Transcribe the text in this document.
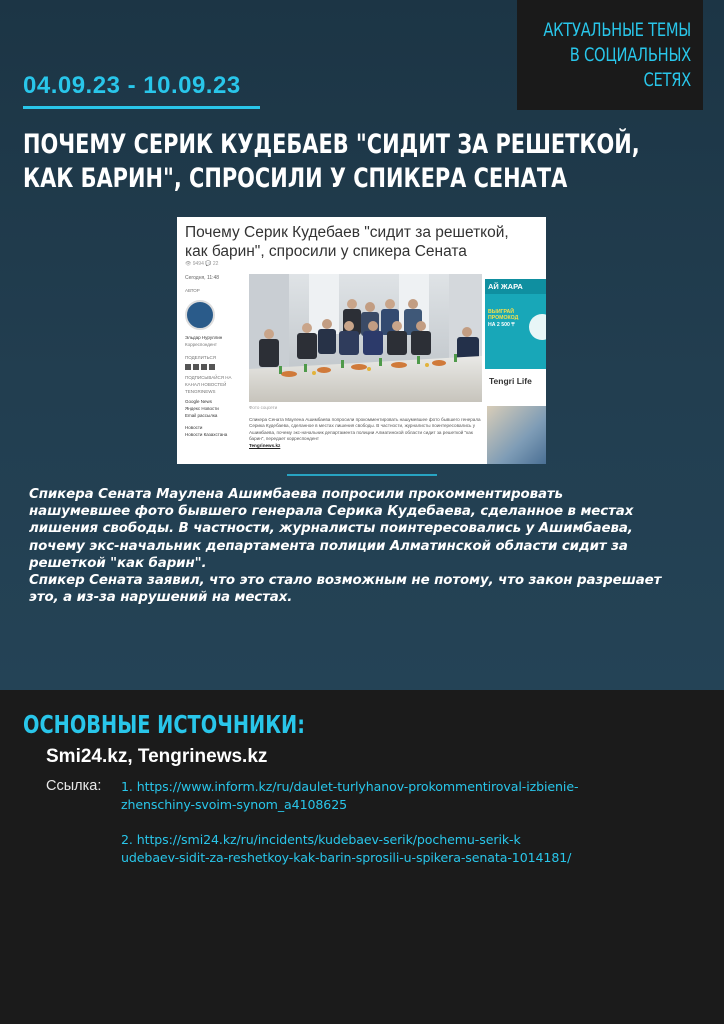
АКТУАЛЬНЫЕ ТЕМЫ
В СОЦИАЛЬНЫХ
СЕТЯХ
04.09.23 - 10.09.23
ПОЧЕМУ СЕРИК КУДЕБАЕВ "СИДИТ ЗА РЕШЕТКОЙ,
КАК БАРИН", СПРОСИЛИ У СПИКЕРА СЕНАТА
Почему Серик Кудебаев "сидит за решеткой, как барин", спросили у спикера Сената
👁 9494 💬 22
Сегодня, 11:48
АВТОР
Эльдар Нуруллин
Корреспондент
ПОДЕЛИТЬСЯ
ПОДПИСЫВАЙСЯ НА КАНАЛ НОВОСТЕЙ TENGRINEWS
Google News
Яндекс Новости
Email рассылка
Новости
Новости Казахстана
Фото соцсети
Спикера Сената Маулена Ашимбаева попросили прокомментировать нашумевшее фото бывшего генерала Серика Кудебаева, сделанное в местах лишения свободы. В частности, журналисты поинтересовались у Ашимбаева, почему экс-начальник департамента полиции Алматинской области сидит за решеткой "как барин", передает корреспондент
Tengrinews.kz
АЙ ЖАРА
ВЫИГРАЙ
ПРОМОКОД
НА 2 500 ₸
Tengri Life
Спикера Сената Маулена Ашимбаева попросили прокомментировать
нашумевшее фото бывшего генерала Серика Кудебаева, сделанное в местах
лишения свободы. В частности, журналисты поинтересовались у Ашимбаева,
почему экс-начальник департамента полиции Алматинской области сидит за
решеткой "как барин".
Спикер Сената заявил, что это стало возможным не потому, что закон разрешает
это, а из-за нарушений на местах.
ОСНОВНЫЕ ИСТОЧНИКИ:
Smi24.kz, Tengrinews.kz
Ссылка: 1. https://www.inform.kz/ru/daulet-turlyhanov-prokommentiroval-izbienie-
zhenschiny-svoim-synom_a4108625
2. https://smi24.kz/ru/incidents/kudebaev-serik/pochemu-serik-k
udebaev-sidit-za-reshetkoy-kak-barin-sprosili-u-spikera-senata-1014181/
